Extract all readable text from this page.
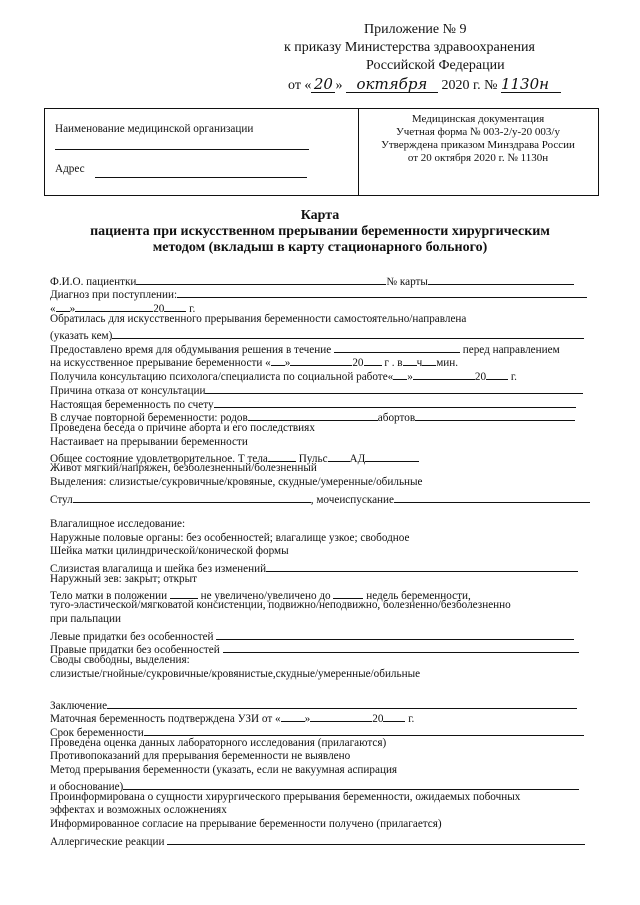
Приложение № 9
к приказу Министерства здравоохранения
Российской Федерации
от « 20 » октября 2020 г. № 1130н
Наименование медицинской организации
Адрес
Медицинская документация
Учетная форма № 003-2/у-20 003/у
Утверждена приказом Минздрава России
от 20 октября 2020 г. № 1130н
Карта
пациента при искусственном прерывании беременности хирургическим
методом (вкладыш в карту стационарного больного)
Ф.И.О. пациентки	№ карты
Диагноз при поступлении:
« »	20 г.
Обратилась для искусственного прерывания беременности самостоятельно/направлена
(указать кем)
Предоставлено время для обдумывания решения в течение	перед направлением
на искусственное прерывание беременности « »	20 г . в ч мин.
Получила консультацию психолога/специалиста по социальной работе« »	20 г.
Причина отказа от консультации
Настоящая беременность по счету
В случае повторной беременности: родов	абортов
Проведена беседа о причине аборта и его последствиях
Настаивает на прерывании беременности
Общее состояние удовлетворительное. Т тела	Пульс АД
Живот мягкий/напряжен, безболезненный/болезненный
Выделения: слизистые/сукровичные/кровяные, скудные/умеренные/обильные
Стул	, мочеиспускание
Влагалищное исследование:
Наружные половые органы: без особенностей; влагалище узкое; свободное
Шейка матки цилиндрической/конической формы
Слизистая влагалища и шейка без изменений
Наружный зев: закрыт; открыт
Тело матки в положении	не увеличено/увеличено до	недель беременности,
туго-эластической/мягковатой консистенции, подвижно/неподвижно, болезненно/безболезненно
при пальпации
Левые придатки без особенностей
Правые придатки без особенностей
Своды свободны, выделения:
слизистые/гнойные/сукровичные/кровянистые,скудные/умеренные/обильные
Заключение
Маточная беременность подтверждена УЗИ от « »	20 г.
Срок беременности
Проведена оценка данных лабораторного исследования (прилагаются)
Противопоказаний для прерывания беременности не выявлено
Метод прерывания беременности (указать, если не вакуумная аспирация
и обоснование)
Проинформирована о сущности хирургического прерывания беременности, ожидаемых побочных
эффектах и возможных осложнениях
Информированное согласие на прерывание беременности получено (прилагается)
Аллергические реакции
